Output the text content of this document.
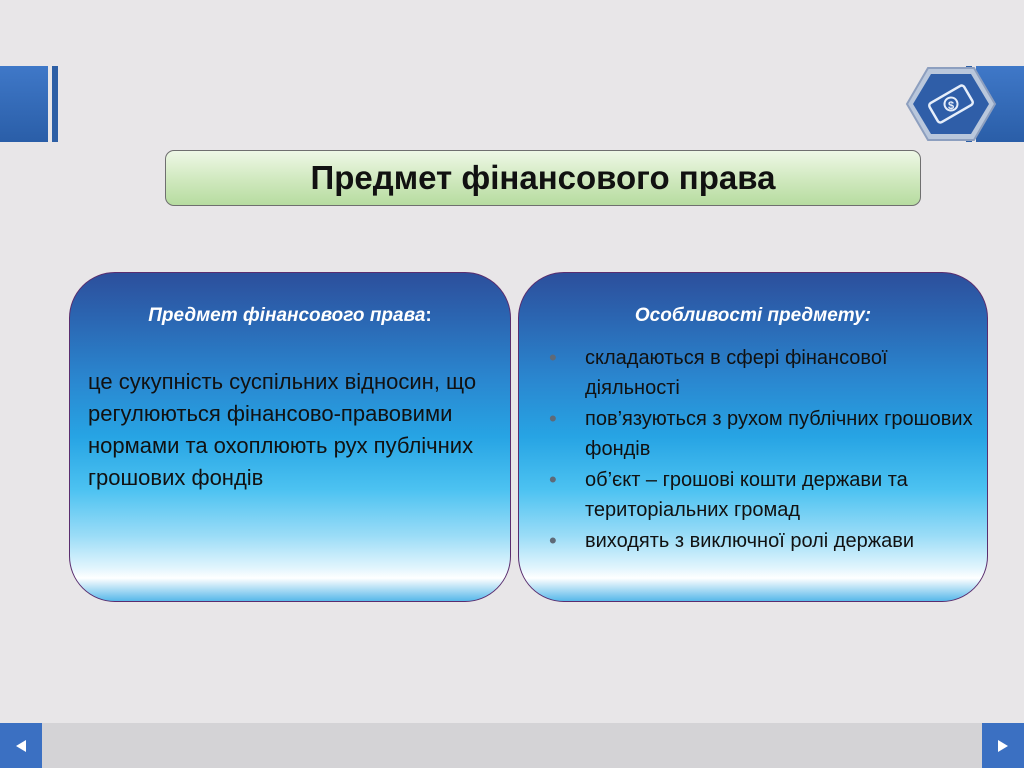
$
Предмет фінансового права
Предмет фінансового права:
це сукупність суспільних відносин, що регулюються фінансово-правовими нормами та охоплюють рух публічних грошових фондів
Особливості предмету:
• складаються в сфері фінансової діяльності
• пов’язуються з рухом публічних грошових фондів
• об’єкт – грошові кошти держави та територіальних громад
• виходять з виключної ролі держави
